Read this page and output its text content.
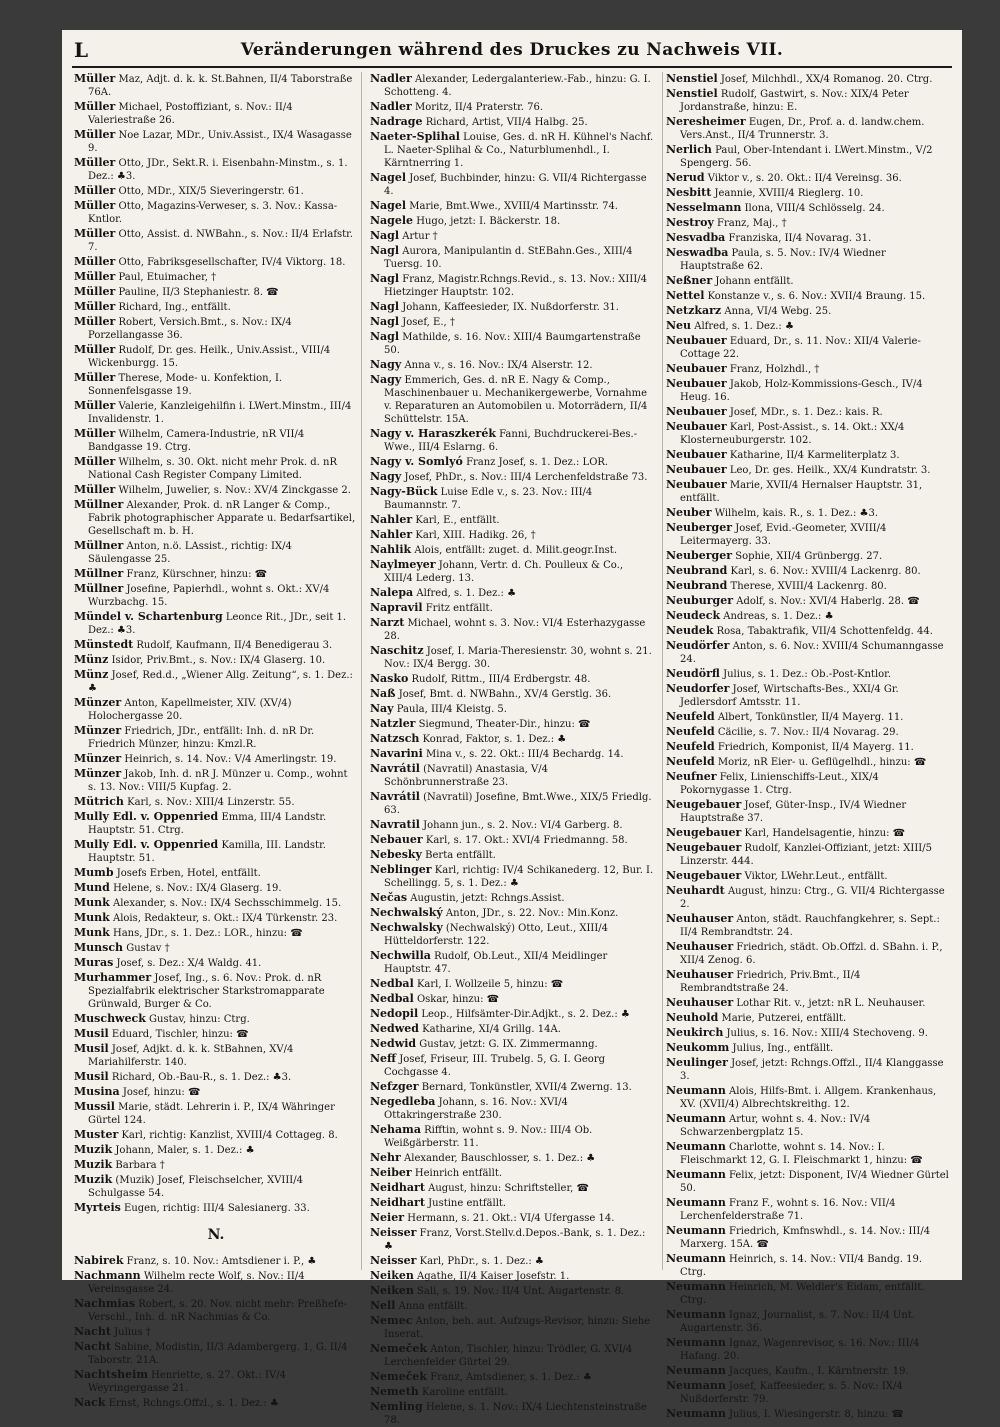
L	Veränderungen während des Druckes zu Nachweis VII.

Müller Maz, Adjt. d. k. k. St.Bahnen, II/4 Taborstraße 76A.

Müller Michael, Postoffiziant, s. Nov.: II/4 Valeriestraße 26.

Müller Noe Lazar, MDr., Univ.Assist., IX/4 Wasagasse 9.

Müller Otto, JDr., Sekt.R. i. Eisenbahn-Minstm., s. 1. Dez.: ♣3.

Müller Otto, MDr., XIX/5 Sieveringerstr. 61.

Müller Otto, Magazins-Verweser, s. 3. Nov.: Kassa-Kntlor.

Müller Otto, Assist. d. NWBahn., s. Nov.: II/4 Erlafstr. 7.

Müller Otto, Fabriksgesellschafter, IV/4 Viktorg. 18.

Müller Paul, Etuimacher, †

Müller Pauline, II/3 Stephaniestr. 8. ☎

Müller Richard, Ing., entfällt.

Müller Robert, Versich.Bmt., s. Nov.: IX/4 Porzellangasse 36.

Müller Rudolf, Dr. ges. Heilk., Univ.Assist., VIII/4 Wickenburgg. 15.

Müller Therese, Mode- u. Konfektion, I. Sonnenfelsgasse 19.

Müller Valerie, Kanzleigehilfin i. LWert.Minstm., III/4 Invalidenstr. 1.

Müller Wilhelm, Camera-Industrie, nR VII/4 Bandgasse 19. Ctrg.

Müller Wilhelm, s. 30. Okt. nicht mehr Prok. d. nR National Cash Register Company Limited.

Müller Wilhelm, Juwelier, s. Nov.: XV/4 Zinckgasse 2.

Müllner Alexander, Prok. d. nR Langer & Comp., Fabrik photographischer Apparate u. Bedarfsartikel, Gesellschaft m. b. H.

Müllner Anton, n.ö. LAssist., richtig: IX/4 Säulengasse 25.

Müllner Franz, Kürschner, hinzu: ☎

Müllner Josefine, Papierhdl., wohnt s. Okt.: XV/4 Wurzbachg. 15.

Mündel v. Schartenburg Leonce Rit., JDr., seit 1. Dez.: ♣3.

Münstedt Rudolf, Kaufmann, II/4 Benedigerau 3.

Münz Isidor, Priv.Bmt., s. Nov.: IX/4 Glaserg. 10.

Münz Josef, Red.d., „Wiener Allg. Zeitung“, s. 1. Dez.: ♣

Münzer Anton, Kapellmeister, XIV. (XV/4) Holochergasse 20.

Münzer Friedrich, JDr., entfällt: Inh. d. nR Dr. Friedrich Münzer, hinzu: Kmzl.R.

Münzer Heinrich, s. 14. Nov.: V/4 Amerlingstr. 19.

Münzer Jakob, Inh. d. nR J. Münzer u. Comp., wohnt s. 13. Nov.: VIII/5 Kupfag. 2.

Mütrich Karl, s. Nov.: XIII/4 Linzerstr. 55.

Mully Edl. v. Oppenried Emma, III/4 Landstr. Hauptstr. 51. Ctrg.

Mully Edl. v. Oppenried Kamilla, III. Landstr. Hauptstr. 51.

Mumb Josefs Erben, Hotel, entfällt.

Mund Helene, s. Nov.: IX/4 Glaserg. 19.

Munk Alexander, s. Nov.: IX/4 Sechsschimmelg. 15.

Munk Alois, Redakteur, s. Okt.: IX/4 Türkenstr. 23.

Munk Hans, JDr., s. 1. Dez.: LOR., hinzu: ☎

Munsch Gustav †

Muras Josef, s. Dez.: X/4 Waldg. 41.

Murhammer Josef, Ing., s. 6. Nov.: Prok. d. nR Spezialfabrik elektrischer Starkstromapparate Grünwald, Burger & Co.

Muschweck Gustav, hinzu: Ctrg.

Musil Eduard, Tischler, hinzu: ☎

Musil Josef, Adjkt. d. k. k. StBahnen, XV/4 Mariahilferstr. 140.

Musil Richard, Ob.-Bau-R., s. 1. Dez.: ♣3.

Musina Josef, hinzu: ☎

Mussil Marie, städt. Lehrerin i. P., IX/4 Währinger Gürtel 124.

Muster Karl, richtig: Kanzlist, XVIII/4 Cottageg. 8.

Muzik Johann, Maler, s. 1. Dez.: ♣

Muzik Barbara †

Muzik (Muzik) Josef, Fleischselcher, XVIII/4 Schulgasse 54.

Myrteis Eugen, richtig: III/4 Salesianerg. 33.

N.

Nabirek Franz, s. 10. Nov.: Amtsdiener i. P., ♣

Nachmann Wilhelm recte Wolf, s. Nov.: II/4 Vereinsgasse 24.

Nachmias Robert, s. 20. Nov. nicht mehr: Preßhefe-Verschl., Inh. d. nR Nachmias & Co.

Nacht Julius †

Nacht Sabine, Modistin, II/3 Adambergerg. 1, G. II/4 Taborstr. 21A.

Nachtsheim Henriette, s. 27. Okt.: IV/4 Weyringergasse 21.

Nack Ernst, Rchngs.Offzl., s. 1. Dez.: ♣

Nadler Alexander, Ledergalanteriew.-Fab., hinzu: G. I. Schotteng. 4.

Nadler Moritz, II/4 Praterstr. 76.

Nadrage Richard, Artist, VII/4 Halbg. 25.

Naeter-Splihal Louise, Ges. d. nR H. Kühnel's Nachf. L. Naeter-Splihal & Co., Naturblumenhdl., I. Kärntnerring 1.

Nagel Josef, Buchbinder, hinzu: G. VII/4 Richtergasse 4.

Nagel Marie, Bmt.Wwe., XVIII/4 Martinsstr. 74.

Nagele Hugo, jetzt: I. Bäckerstr. 18.

Nagl Artur †

Nagl Aurora, Manipulantin d. StEBahn.Ges., XIII/4 Tuersg. 10.

Nagl Franz, Magistr.Rchngs.Revid., s. 13. Nov.: XIII/4 Hietzinger Hauptstr. 102.

Nagl Johann, Kaffeesieder, IX. Nußdorferstr. 31.

Nagl Josef, E., †

Nagl Mathilde, s. 16. Nov.: XIII/4 Baumgartenstraße 50.

Nagy Anna v., s. 16. Nov.: IX/4 Alserstr. 12.

Nagy Emmerich, Ges. d. nR E. Nagy & Comp., Maschinenbauer u. Mechanikergewerbe, Vornahme v. Reparaturen an Automobilen u. Motorrädern, II/4 Schüttelstr. 15A.

Nagy v. Haraszkerék Fanni, Buchdruckerei-Bes.-Wwe., III/4 Eslarng. 6.

Nagy v. Somlyó Franz Josef, s. 1. Dez.: LOR.

Nagy Josef, PhDr., s. Nov.: III/4 Lerchenfeldstraße 73.

Nagy-Bück Luise Edle v., s. 23. Nov.: III/4 Baumannstr. 7.

Nahler Karl, E., entfällt.

Nahler Karl, XIII. Hadikg. 26, †

Nahlik Alois, entfällt: zuget. d. Milit.geogr.Inst.

Naylmeyer Johann, Vertr. d. Ch. Poulleux & Co., XIII/4 Lederg. 13.

Nalepa Alfred, s. 1. Dez.: ♣

Napravil Fritz entfällt.

Narzt Michael, wohnt s. 3. Nov.: VI/4 Esterhazygasse 28.

Naschitz Josef, I. Maria-Theresienstr. 30, wohnt s. 21. Nov.: IX/4 Bergg. 30.

Nasko Rudolf, Rittm., III/4 Erdbergstr. 48.

Naß Josef, Bmt. d. NWBahn., XV/4 Gerstlg. 36.

Nay Paula, III/4 Kleistg. 5.

Natzler Siegmund, Theater-Dir., hinzu: ☎

Natzsch Konrad, Faktor, s. 1. Dez.: ♣

Navarini Mina v., s. 22. Okt.: III/4 Bechardg. 14.

Navrátil (Navratil) Anastasia, V/4 Schönbrunnerstraße 23.

Navrátil (Navratil) Josefine, Bmt.Wwe., XIX/5 Friedlg. 63.

Navratil Johann jun., s. 2. Nov.: VI/4 Garberg. 8.

Nebauer Karl, s. 17. Okt.: XVI/4 Friedmanng. 58.

Nebesky Berta entfällt.

Neblinger Karl, richtig: IV/4 Schikanederg. 12, Bur. I. Schellingg. 5, s. 1. Dez.: ♣

Nečas Augustin, jetzt: Rchngs.Assist.

Nechwalský Anton, JDr., s. 22. Nov.: Min.Konz.

Nechwalsky (Nechwalský) Otto, Leut., XIII/4 Hütteldorferstr. 122.

Nechwilla Rudolf, Ob.Leut., XII/4 Meidlinger Hauptstr. 47.

Nedbal Karl, I. Wollzeile 5, hinzu: ☎

Nedbal Oskar, hinzu: ☎

Nedopil Leop., Hilfsämter-Dir.Adjkt., s. 2. Dez.: ♣

Nedwed Katharine, XI/4 Grillg. 14A.

Nedwid Gustav, jetzt: G. IX. Zimmermanng.

Neff Josef, Friseur, III. Trubelg. 5, G. I. Georg Cochgasse 4.

Nefzger Bernard, Tonkünstler, XVII/4 Zwerng. 13.

Negedleba Johann, s. 16. Nov.: XVI/4 Ottakringerstraße 230.

Nehama Rifftin, wohnt s. 9. Nov.: III/4 Ob. Weißgärberstr. 11.

Nehr Alexander, Bauschlosser, s. 1. Dez.: ♣

Neiber Heinrich entfällt.

Neidhart August, hinzu: Schriftsteller, ☎

Neidhart Justine entfällt.

Neier Hermann, s. 21. Okt.: VI/4 Ufergasse 14.

Neisser Franz, Vorst.Stellv.d.Depos.-Bank, s. 1. Dez.: ♣

Neisser Karl, PhDr., s. 1. Dez.: ♣

Neiken Agathe, II/4 Kaiser Josefstr. 1.

Neiken Sali, s. 19. Nov.: II/4 Unt. Augartenstr. 8.

Nell Anna entfällt.

Nemec Anton, beh. aut. Aufzugs-Revisor, hinzu: Siehe Inserat.

Nemeček Anton, Tischler, hinzu: Trödler, G. XVI/4 Lerchenfelder Gürtel 29.

Nemeček Franz, Amtsdiener, s. 1. Dez.: ♣

Nemeth Karoline entfällt.

Nemling Helene, s. 1. Nov.: IX/4 Liechtensteinstraße 78.

Nenstiel Josef, Milchhdl., XX/4 Romanog. 20. Ctrg.

Nenstiel Rudolf, Gastwirt, s. Nov.: XIX/4 Peter Jordanstraße, hinzu: E.

Neresheimer Eugen, Dr., Prof. a. d. landw.chem. Vers.Anst., II/4 Trunnerstr. 3.

Nerlich Paul, Ober-Intendant i. LWert.Minstm., V/2 Spengerg. 56.

Nerud Viktor v., s. 20. Okt.: II/4 Vereinsg. 36.

Nesbitt Jeannie, XVIII/4 Rieglerg. 10.

Nesselmann Ilona, VIII/4 Schlösselg. 24.

Nestroy Franz, Maj., †

Nesvadba Franziska, II/4 Novarag. 31.

Neswadba Paula, s. 5. Nov.: IV/4 Wiedner Hauptstraße 62.

Neßner Johann entfällt.

Nettel Konstanze v., s. 6. Nov.: XVII/4 Braung. 15.

Netzkarz Anna, VI/4 Webg. 25.

Neu Alfred, s. 1. Dez.: ♣

Neubauer Eduard, Dr., s. 11. Nov.: XII/4 Valerie-Cottage 22.

Neubauer Franz, Holzhdl., †

Neubauer Jakob, Holz-Kommissions-Gesch., IV/4 Heug. 16.

Neubauer Josef, MDr., s. 1. Dez.: kais. R.

Neubauer Karl, Post-Assist., s. 14. Okt.: XX/4 Klosterneuburgerstr. 102.

Neubauer Katharine, II/4 Karmeliterplatz 3.

Neubauer Leo, Dr. ges. Heilk., XX/4 Kundratstr. 3.

Neubauer Marie, XVII/4 Hernalser Hauptstr. 31, entfällt.

Neuber Wilhelm, kais. R., s. 1. Dez.: ♣3.

Neuberger Josef, Evid.-Geometer, XVIII/4 Leitermayerg. 33.

Neuberger Sophie, XII/4 Grünbergg. 27.

Neubrand Karl, s. 6. Nov.: XVIII/4 Lackenrg. 80.

Neubrand Therese, XVIII/4 Lackenrg. 80.

Neuburger Adolf, s. Nov.: XVI/4 Haberlg. 28. ☎

Neudeck Andreas, s. 1. Dez.: ♣

Neudek Rosa, Tabaktrafik, VII/4 Schottenfeldg. 44.

Neudörfer Anton, s. 6. Nov.: XVIII/4 Schumanngasse 24.

Neudörfl Julius, s. 1. Dez.: Ob.-Post-Kntlor.

Neudorfer Josef, Wirtschafts-Bes., XXI/4 Gr. Jedlersdorf Amtsstr. 11.

Neufeld Albert, Tonkünstler, II/4 Mayerg. 11.

Neufeld Cäcilie, s. 7. Nov.: II/4 Novarag. 29.

Neufeld Friedrich, Komponist, II/4 Mayerg. 11.

Neufeld Moriz, nR Eier- u. Geflügelhdl., hinzu: ☎

Neufner Felix, Linienschiffs-Leut., XIX/4 Pokornygasse 1. Ctrg.

Neugebauer Josef, Güter-Insp., IV/4 Wiedner Hauptstraße 37.

Neugebauer Karl, Handelsagentie, hinzu: ☎

Neugebauer Rudolf, Kanzlei-Offiziant, jetzt: XIII/5 Linzerstr. 444.

Neugebauer Viktor, LWehr.Leut., entfällt.

Neuhardt August, hinzu: Ctrg., G. VII/4 Richtergasse 2.

Neuhauser Anton, städt. Rauchfangkehrer, s. Sept.: II/4 Rembrandtstr. 24.

Neuhauser Friedrich, städt. Ob.Offzl. d. SBahn. i. P., XII/4 Zenog. 6.

Neuhauser Friedrich, Priv.Bmt., II/4 Rembrandtstraße 24.

Neuhauser Lothar Rit. v., jetzt: nR L. Neuhauser.

Neuhold Marie, Putzerei, entfällt.

Neukirch Julius, s. 16. Nov.: XIII/4 Stechoveng. 9.

Neukomm Julius, Ing., entfällt.

Neulinger Josef, jetzt: Rchngs.Offzl., II/4 Klanggasse 3.

Neumann Alois, Hilfs-Bmt. i. Allgem. Krankenhaus, XV. (XVII/4) Albrechtskreithg. 12.

Neumann Artur, wohnt s. 4. Nov.: IV/4 Schwarzenbergplatz 15.

Neumann Charlotte, wohnt s. 14. Nov.: I. Fleischmarkt 12, G. I. Fleischmarkt 1, hinzu: ☎

Neumann Felix, jetzt: Disponent, IV/4 Wiedner Gürtel 50.

Neumann Franz F., wohnt s. 16. Nov.: VII/4 Lerchenfelderstraße 71.

Neumann Friedrich, Kmfnswhdl., s. 14. Nov.: III/4 Marxerg. 15A. ☎

Neumann Heinrich, s. 14. Nov.: VII/4 Bandg. 19. Ctrg.

Neumann Heinrich, M. Weldler's Eidam, entfällt. Ctrg.

Neumann Ignaz, Journalist, s. 7. Nov.: II/4 Unt. Augartenstr. 36.

Neumann Ignaz, Wagenrevisor, s. 16. Nov.: III/4 Hafang. 20.

Neumann Jacques, Kaufm., I. Kärntnerstr. 19.

Neumann Josef, Kaffeesieder, s. 5. Nov.: IX/4 Nußdorferstr. 79.

Neumann Julius, I. Wiesingerstr. 8, hinzu: ☎
